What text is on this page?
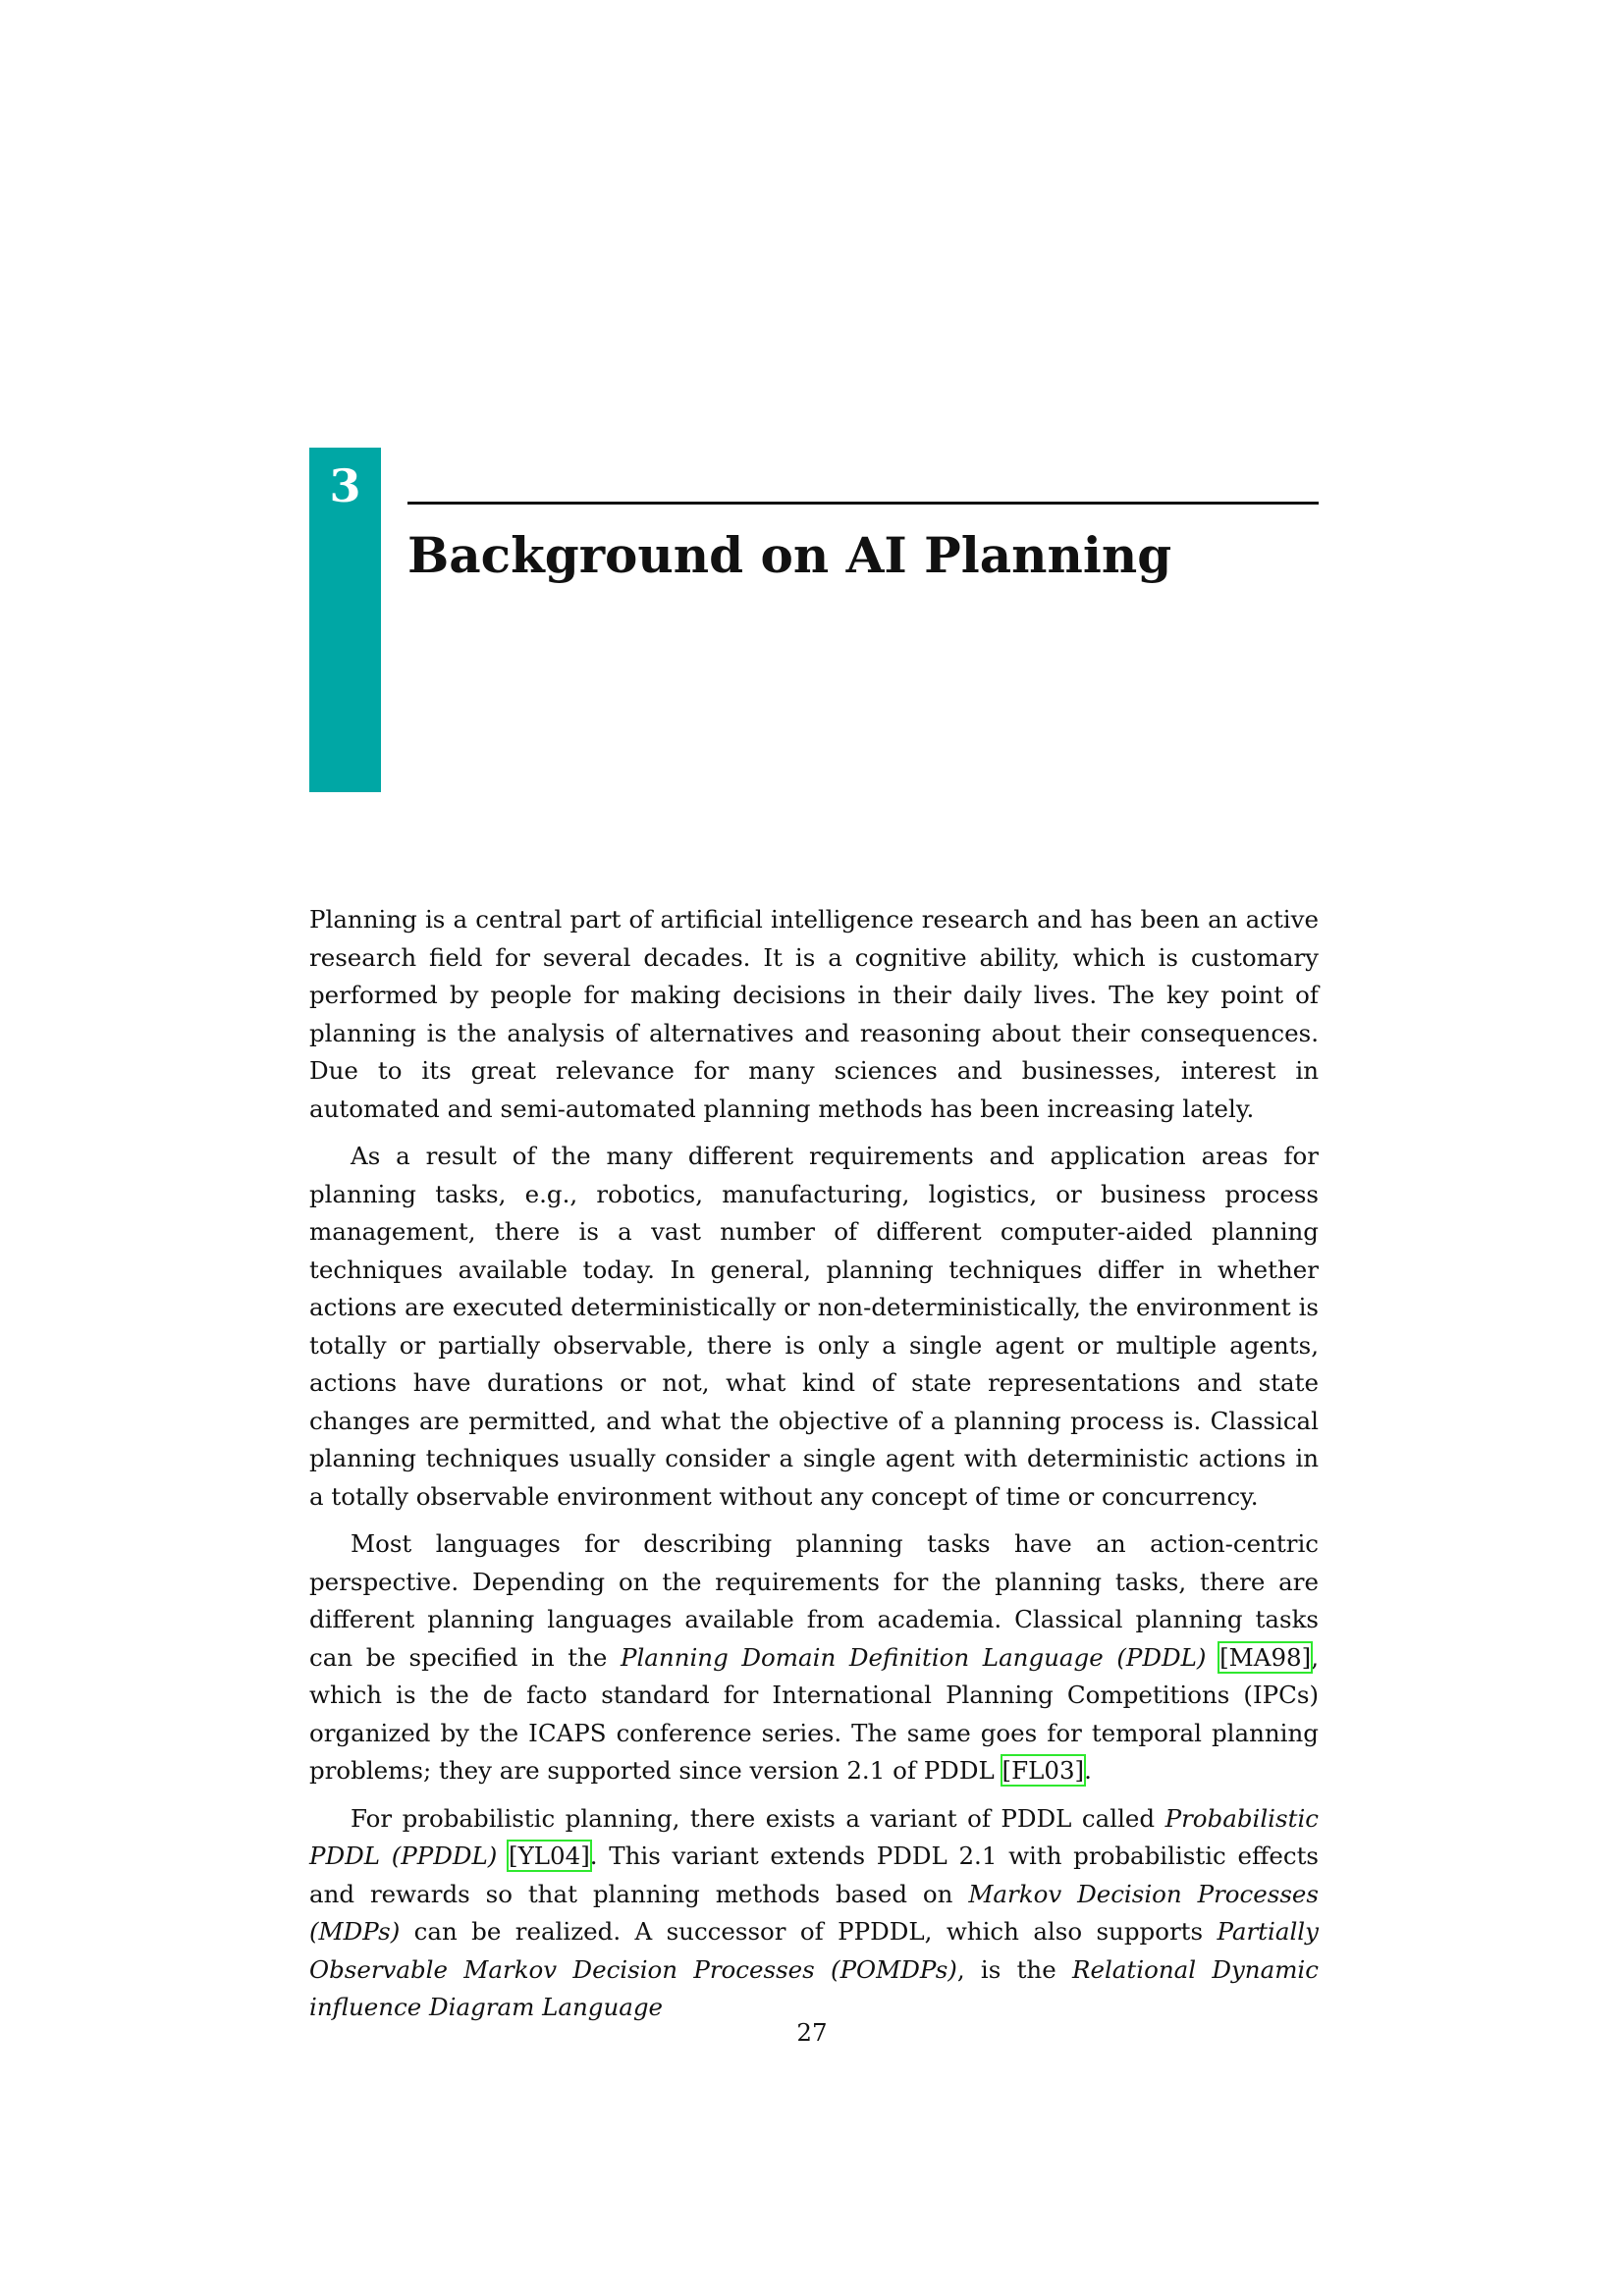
3
Background on AI Planning

Planning is a central part of artificial intelligence research and has been an active research field for several decades. It is a cognitive ability, which is customary performed by people for making decisions in their daily lives. The key point of planning is the analysis of alternatives and reasoning about their consequences. Due to its great relevance for many sciences and businesses, interest in automated and semi-automated planning methods has been increasing lately.

As a result of the many different requirements and application areas for planning tasks, e.g., robotics, manufacturing, logistics, or business process management, there is a vast number of different computer-aided planning techniques available today. In general, planning techniques differ in whether actions are executed deterministically or non-deterministically, the environment is totally or partially observable, there is only a single agent or multiple agents, actions have durations or not, what kind of state representations and state changes are permitted, and what the objective of a planning process is. Classical planning techniques usually consider a single agent with deterministic actions in a totally observable environment without any concept of time or concurrency.

Most languages for describing planning tasks have an action-centric perspective. Depending on the requirements for the planning tasks, there are different planning languages available from academia. Classical planning tasks can be specified in the Planning Domain Definition Language (PDDL) [MA98], which is the de facto standard for International Planning Competitions (IPCs) organized by the ICAPS conference series. The same goes for temporal planning problems; they are supported since version 2.1 of PDDL [FL03].

For probabilistic planning, there exists a variant of PDDL called Probabilistic PDDL (PPDDL) [YL04]. This variant extends PDDL 2.1 with probabilistic effects and rewards so that planning methods based on Markov Decision Processes (MDPs) can be realized. A successor of PPDDL, which also supports Partially Observable Markov Decision Processes (POMDPs), is the Relational Dynamic influence Diagram Language

27
